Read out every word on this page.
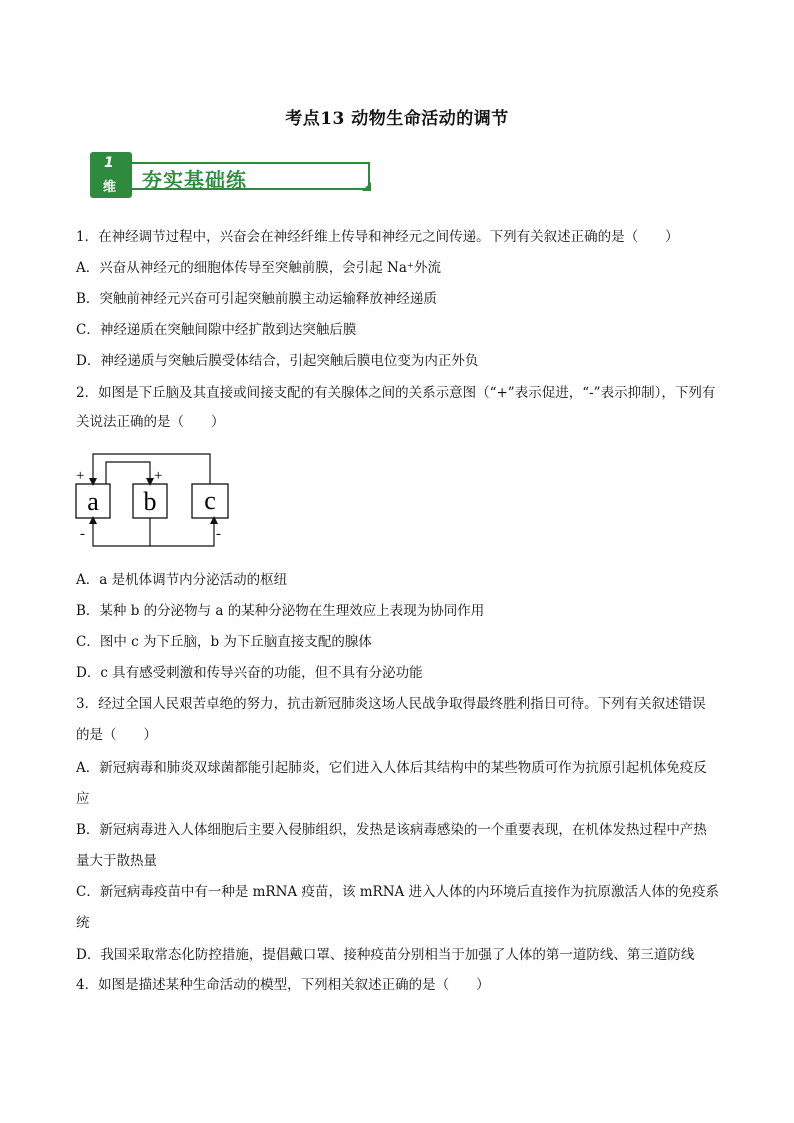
考点13 动物生命活动的调节
1
维 夯实基础练
1．在神经调节过程中，兴奋会在神经纤维上传导和神经元之间传递。下列有关叙述正确的是（　　）
A．兴奋从神经元的细胞体传导至突触前膜，会引起 Na⁺外流
B．突触前神经元兴奋可引起突触前膜主动运输释放神经递质
C．神经递质在突触间隙中经扩散到达突触后膜
D．神经递质与突触后膜受体结合，引起突触后膜电位变为内正外负
2．如图是下丘脑及其直接或间接支配的有关腺体之间的关系示意图（“+”表示促进，“-”表示抑制），下列有
关说法正确的是（　　）
a b c
+	+
-	-
A．a 是机体调节内分泌活动的枢纽
B．某种 b 的分泌物与 a 的某种分泌物在生理效应上表现为协同作用
C．图中 c 为下丘脑，b 为下丘脑直接支配的腺体
D．c 具有感受刺激和传导兴奋的功能，但不具有分泌功能
3．经过全国人民艰苦卓绝的努力，抗击新冠肺炎这场人民战争取得最终胜利指日可待。下列有关叙述错误
的是（　　）
A．新冠病毒和肺炎双球菌都能引起肺炎，它们进入人体后其结构中的某些物质可作为抗原引起机体免疫反
应
B．新冠病毒进入人体细胞后主要入侵肺组织，发热是该病毒感染的一个重要表现，在机体发热过程中产热
量大于散热量
C．新冠病毒疫苗中有一种是 mRNA 疫苗，该 mRNA 进入人体的内环境后直接作为抗原激活人体的免疫系
统
D．我国采取常态化防控措施，提倡戴口罩、接种疫苗分别相当于加强了人体的第一道防线、第三道防线
4．如图是描述某种生命活动的模型，下列相关叙述正确的是（　　）
